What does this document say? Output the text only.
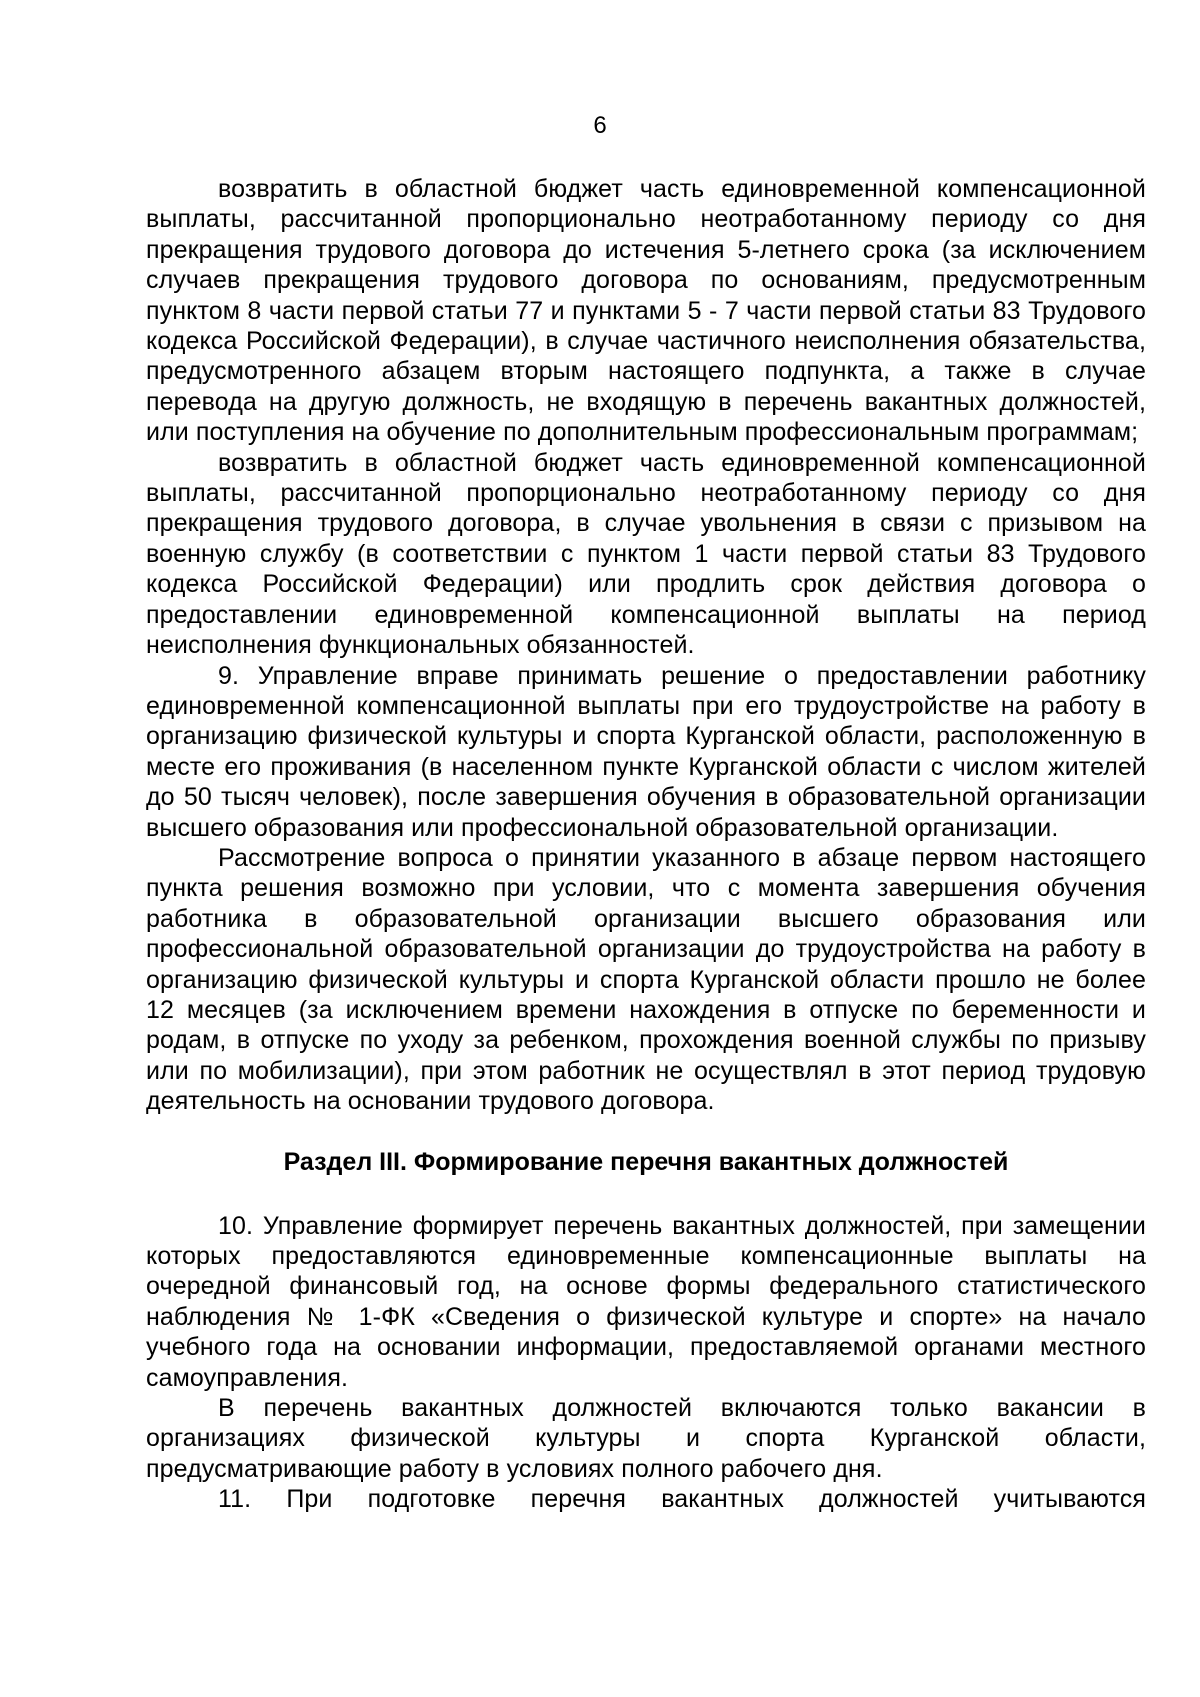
6

возвратить в областной бюджет часть единовременной компенсационной выплаты, рассчитанной пропорционально неотработанному периоду со дня прекращения трудового договора до истечения 5-летнего срока (за исключением случаев прекращения трудового договора по основаниям, предусмотренным пунктом 8 части первой статьи 77 и пунктами 5 - 7 части первой статьи 83 Трудового кодекса Российской Федерации), в случае частичного неисполнения обязательства, предусмотренного абзацем вторым настоящего подпункта, а также в случае перевода на другую должность, не входящую в перечень вакантных должностей, или поступления на обучение по дополнительным профессиональным программам;

возвратить в областной бюджет часть единовременной компенсационной выплаты, рассчитанной пропорционально неотработанному периоду со дня прекращения трудового договора, в случае увольнения в связи с призывом на военную службу (в соответствии с пунктом 1 части первой статьи 83 Трудового кодекса Российской Федерации) или продлить срок действия договора о предоставлении единовременной компенсационной выплаты на период неисполнения функциональных обязанностей.

9. Управление вправе принимать решение о предоставлении работнику единовременной компенсационной выплаты при его трудоустройстве на работу в организацию физической культуры и спорта Курганской области, расположенную в месте его проживания (в населенном пункте Курганской области с числом жителей до 50 тысяч человек), после завершения обучения в образовательной организации высшего образования или профессиональной образовательной организации.

Рассмотрение вопроса о принятии указанного в абзаце первом настоящего пункта решения возможно при условии, что с момента завершения обучения работника в образовательной организации высшего образования или профессиональной образовательной организации до трудоустройства на работу в организацию физической культуры и спорта Курганской области прошло не более 12 месяцев (за исключением времени нахождения в отпуске по беременности и родам, в отпуске по уходу за ребенком, прохождения военной службы по призыву или по мобилизации), при этом работник не осуществлял в этот период трудовую деятельность на основании трудового договора.

Раздел III. Формирование перечня вакантных должностей

10. Управление формирует перечень вакантных должностей, при замещении которых предоставляются единовременные компенсационные выплаты на очередной финансовый год, на основе формы федерального статистического наблюдения № 1-ФК «Сведения о физической культуре и спорте» на начало учебного года на основании информации, предоставляемой органами местного самоуправления.

В перечень вакантных должностей включаются только вакансии в организациях физической культуры и спорта Курганской области, предусматривающие работу в условиях полного рабочего дня.

11. При подготовке перечня вакантных должностей учитываются
